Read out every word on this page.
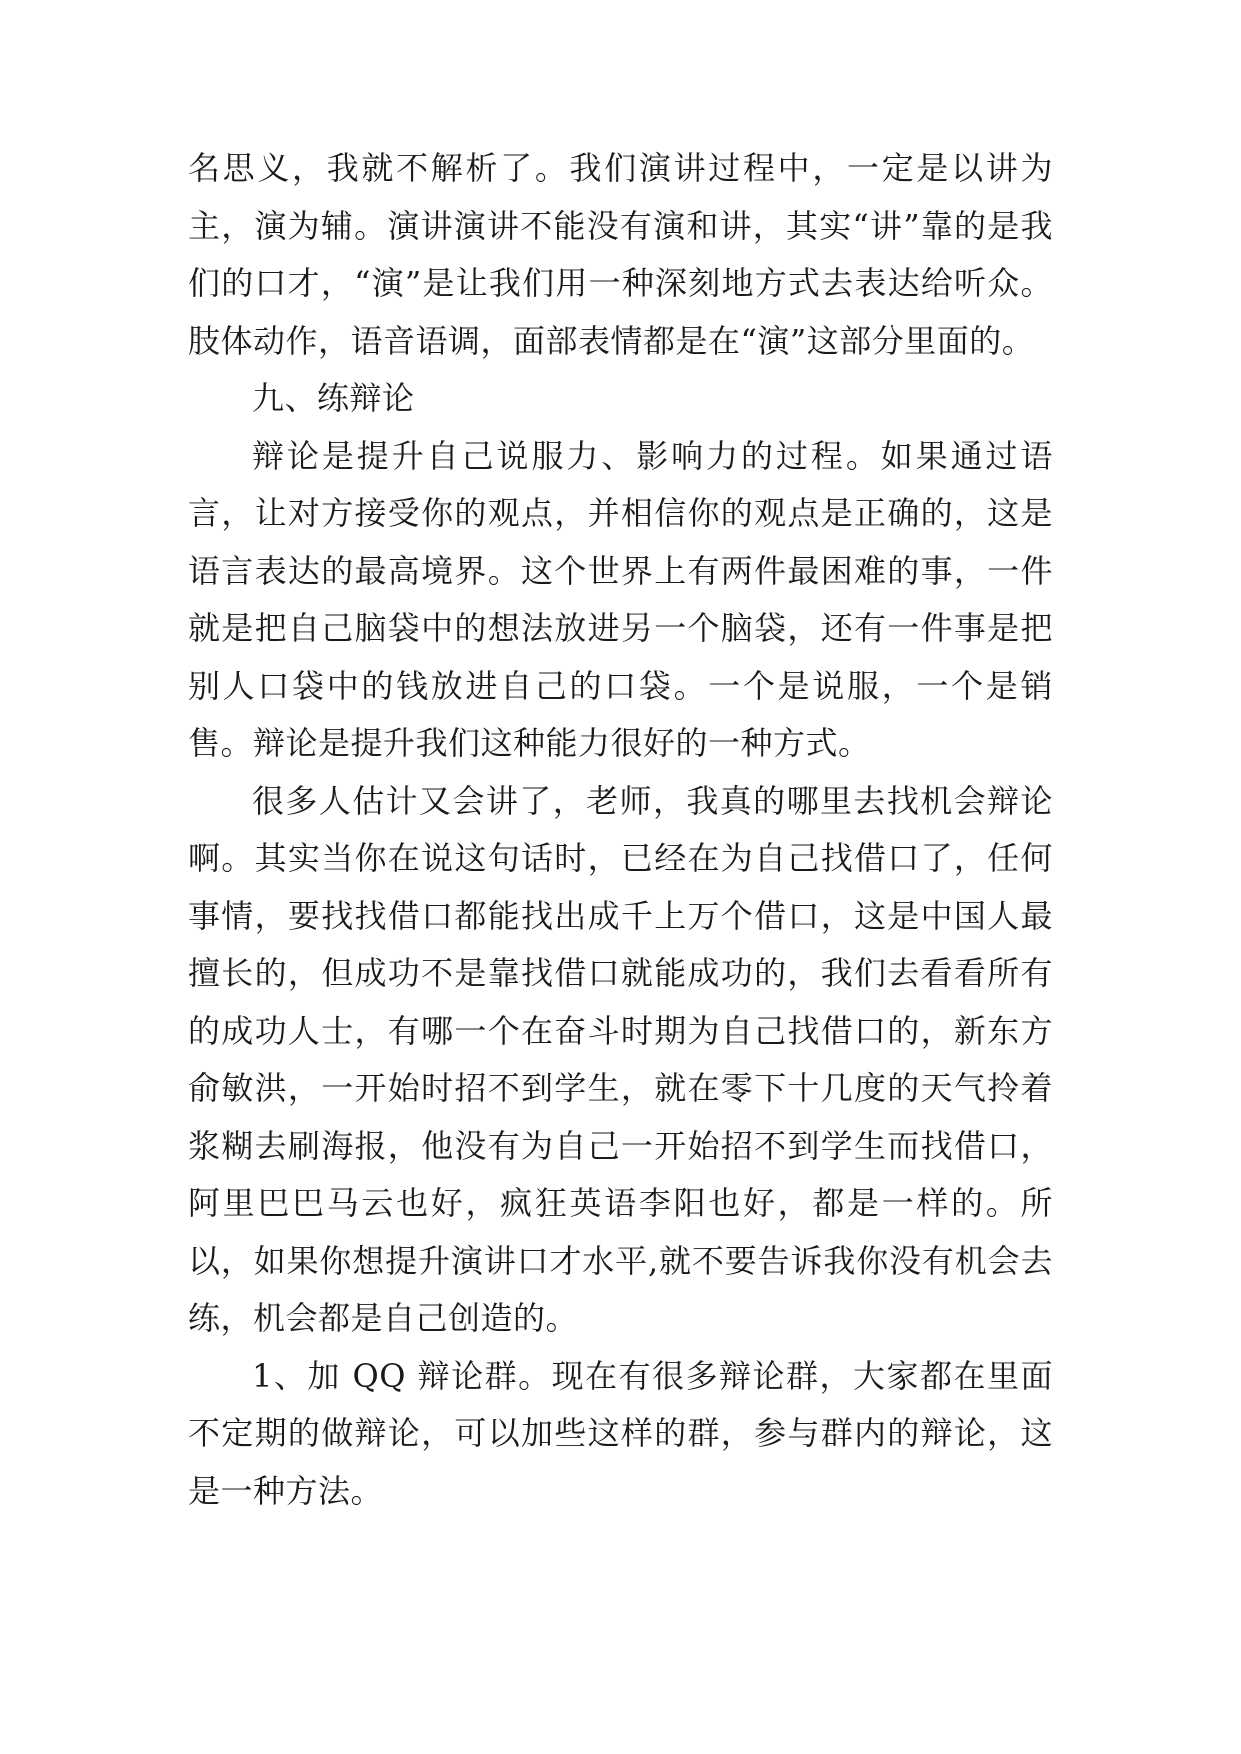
名思义，我就不解析了。我们演讲过程中，一定是以讲为主，演为辅。演讲演讲不能没有演和讲，其实“讲”靠的是我们的口才，“演”是让我们用一种深刻地方式去表达给听众。肢体动作，语音语调，面部表情都是在“演”这部分里面的。

九、练辩论

辩论是提升自己说服力、影响力的过程。如果通过语言，让对方接受你的观点，并相信你的观点是正确的，这是语言表达的最高境界。这个世界上有两件最困难的事，一件就是把自己脑袋中的想法放进另一个脑袋，还有一件事是把别人口袋中的钱放进自己的口袋。一个是说服，一个是销售。辩论是提升我们这种能力很好的一种方式。

很多人估计又会讲了，老师，我真的哪里去找机会辩论啊。其实当你在说这句话时，已经在为自己找借口了，任何事情，要找找借口都能找出成千上万个借口，这是中国人最擅长的，但成功不是靠找借口就能成功的，我们去看看所有的成功人士，有哪一个在奋斗时期为自己找借口的，新东方俞敏洪，一开始时招不到学生，就在零下十几度的天气拎着浆糊去刷海报，他没有为自己一开始招不到学生而找借口，阿里巴巴马云也好，疯狂英语李阳也好，都是一样的。所以，如果你想提升演讲口才水平,就不要告诉我你没有机会去练，机会都是自己创造的。

1、加 QQ 辩论群。现在有很多辩论群，大家都在里面不定期的做辩论，可以加些这样的群，参与群内的辩论，这是一种方法。
